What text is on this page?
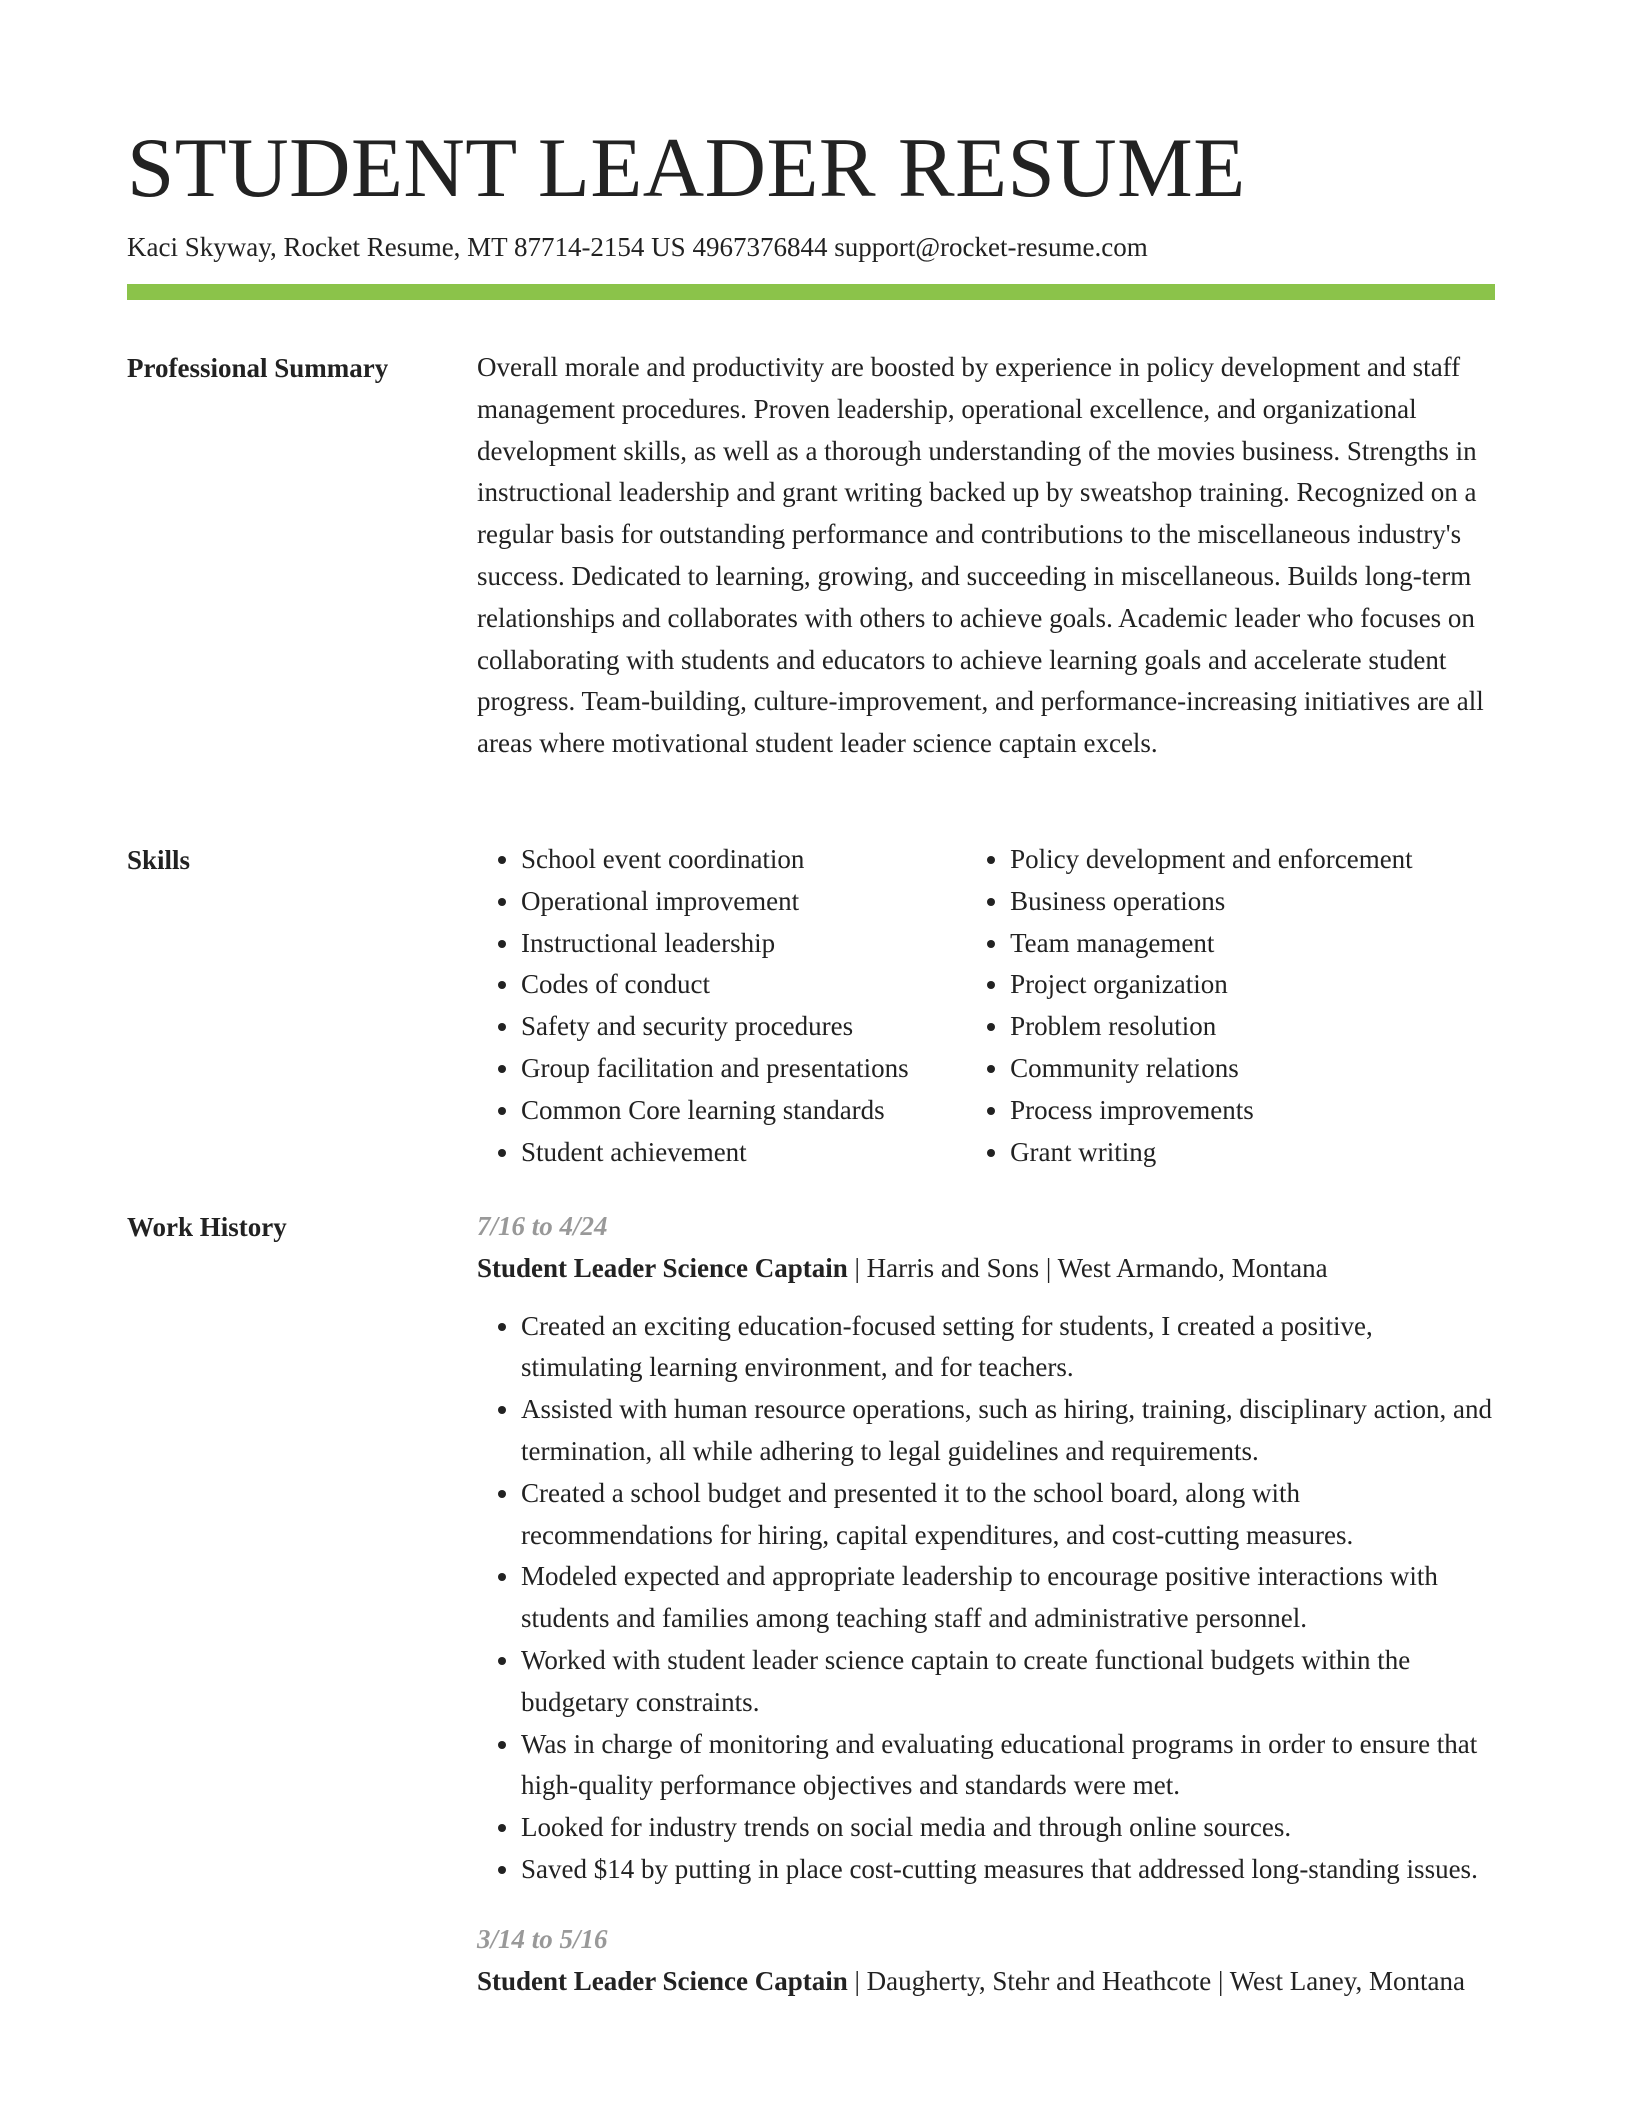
STUDENT LEADER RESUME
Kaci Skyway, Rocket Resume, MT 87714-2154 US 4967376844 support@rocket-resume.com
Professional Summary	Overall morale and productivity are boosted by experience in policy development and staff management procedures. Proven leadership, operational excellence, and organizational development skills, as well as a thorough understanding of the movies business. Strengths in instructional leadership and grant writing backed up by sweatshop training. Recognized on a regular basis for outstanding performance and contributions to the miscellaneous industry's success. Dedicated to learning, growing, and succeeding in miscellaneous. Builds long-term relationships and collaborates with others to achieve goals. Academic leader who focuses on collaborating with students and educators to achieve learning goals and accelerate student progress. Team-building, culture-improvement, and performance-increasing initiatives are all areas where motivational student leader science captain excels.

Skills
•	School event coordination
• Operational improvement
• Instructional leadership
• Codes of conduct
• Safety and security procedures
• Group facilitation and presentations
• Common Core learning standards
• Student achievement
• Policy development and enforcement
• Business operations
• Team management
• Project organization
• Problem resolution
• Community relations
• Process improvements
• Grant writing
Work History	7/16 to 4/24
Student Leader Science Captain | Harris and Sons | West Armando, Montana
• Created an exciting education-focused setting for students, I created a positive, stimulating learning environment, and for teachers.
• Assisted with human resource operations, such as hiring, training, disciplinary action, and termination, all while adhering to legal guidelines and requirements.
• Created a school budget and presented it to the school board, along with recommendations for hiring, capital expenditures, and cost-cutting measures.
• Modeled expected and appropriate leadership to encourage positive interactions with students and families among teaching staff and administrative personnel.
• Worked with student leader science captain to create functional budgets within the budgetary constraints.
• Was in charge of monitoring and evaluating educational programs in order to ensure that high-quality performance objectives and standards were met.
• Looked for industry trends on social media and through online sources.
• Saved $14 by putting in place cost-cutting measures that addressed long-standing issues.
3/14 to 5/16
Student Leader Science Captain | Daugherty, Stehr and Heathcote | West Laney, Montana
